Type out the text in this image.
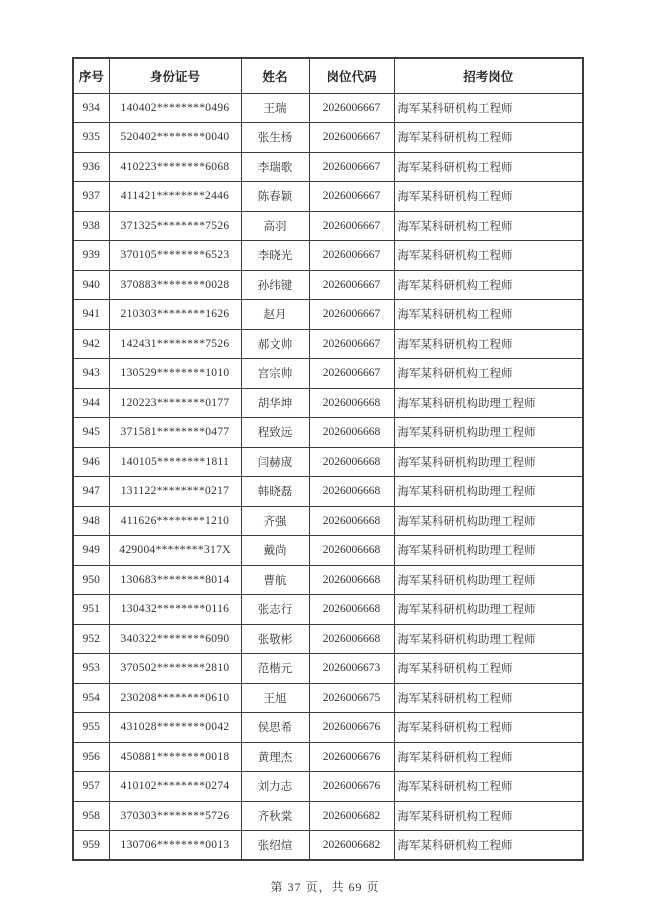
序号	身份证号	姓名	岗位代码	招考岗位
934	140402********0496	王瑞	2026006667	海军某科研机构工程师
935	520402********0040	张生杨	2026006667	海军某科研机构工程师
936	410223********6068	李瑞歌	2026006667	海军某科研机构工程师
937	411421********2446	陈春颖	2026006667	海军某科研机构工程师
938	371325********7526	高羽	2026006667	海军某科研机构工程师
939	370105********6523	李晓光	2026006667	海军某科研机构工程师
940	370883********0028	孙纬键	2026006667	海军某科研机构工程师
941	210303********1626	赵月	2026006667	海军某科研机构工程师
942	142431********7526	郝文帅	2026006667	海军某科研机构工程师
943	130529********1010	宫宗帅	2026006667	海军某科研机构工程师
944	120223********0177	胡华坤	2026006668	海军某科研机构助理工程师
945	371581********0477	程致远	2026006668	海军某科研机构助理工程师
946	140105********1811	闫赫宬	2026006668	海军某科研机构助理工程师
947	131122********0217	韩晓磊	2026006668	海军某科研机构助理工程师
948	411626********1210	齐强	2026006668	海军某科研机构助理工程师
949	429004********317X	戴尚	2026006668	海军某科研机构助理工程师
950	130683********8014	曹航	2026006668	海军某科研机构助理工程师
951	130432********0116	张志行	2026006668	海军某科研机构助理工程师
952	340322********6090	张敬彬	2026006668	海军某科研机构助理工程师
953	370502********2810	范楷元	2026006673	海军某科研机构工程师
954	230208********0610	王旭	2026006675	海军某科研机构工程师
955	431028********0042	侯思希	2026006676	海军某科研机构工程师
956	450881********0018	黄理杰	2026006676	海军某科研机构工程师
957	410102********0274	刘力志	2026006676	海军某科研机构工程师
958	370303********5726	齐秋棠	2026006682	海军某科研机构工程师
959	130706********0013	张绍煊	2026006682	海军某科研机构工程师
第 37 页，共 69 页
